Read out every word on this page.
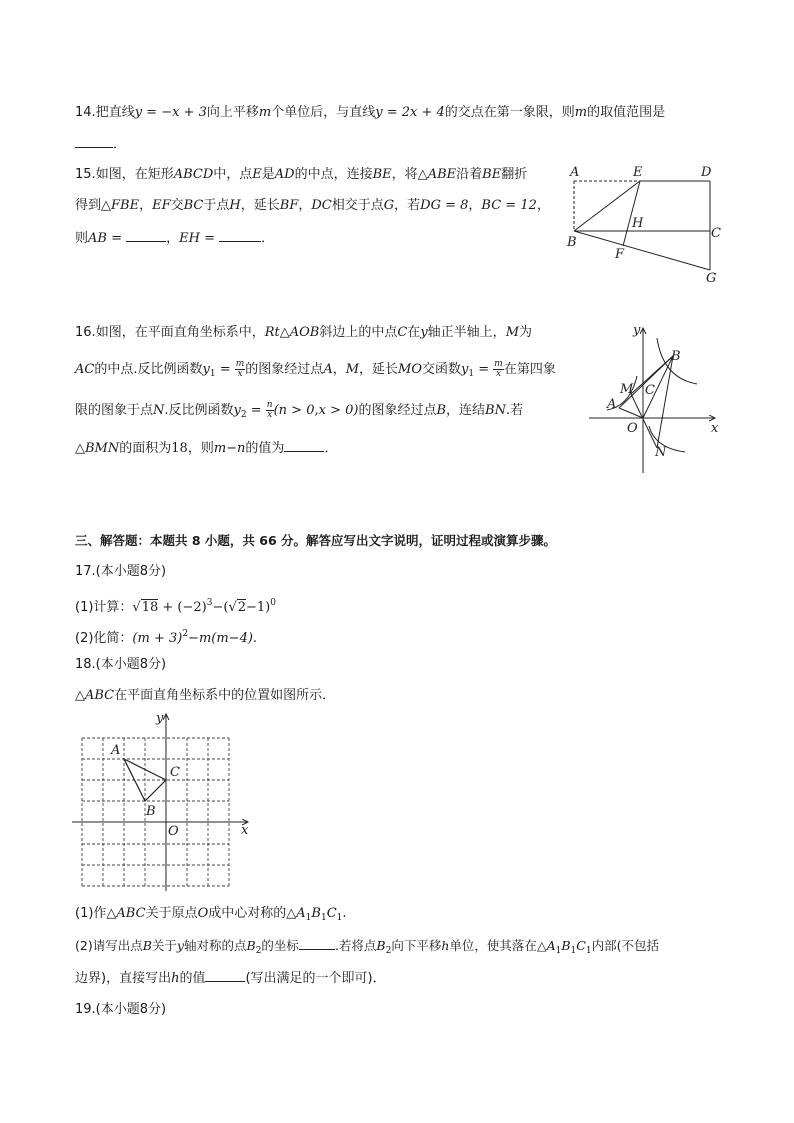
14.把直线y = −x + 3向上平移m个单位后，与直线y = 2x + 4的交点在第一象限，则m的取值范围是
．
15.如图，在矩形ABCD中，点E是AD的中点，连接BE，将△ABE沿着BE翻折
得到△FBE，EF交BC于点H，延长BF，DC相交于点G，若DG = 8，BC = 12，
则AB =	，EH =	．
A	E	D
H
B
C
F
G
16.如图，在平面直角坐标系中，Rt△AOB斜边上的中点C在y轴正半轴上，M为
AC的中点.反比例函数$y_1 = \frac{m}{x}$ 的图象经过点A，M，延长MO交函数$y_1 = \frac{m}{x}$ 在第四象
限的图象于点N.反比例函数$y_2 = \frac{n}{x} (n > 0,x > 0)$的图象经过点B，连结BN.若
△BMN的面积为18，则m−n的值为	．
y
x
B
M C
A
O
N
三、解答题：本题共 8 小题，共 66 分。解答应写出文字说明，证明过程或演算步骤。
17.(本小题8分)
(1)计算：$√18 + (-2)^3-(√2-1)^0$
(2)化简：$(m + 3)^2-m(m-4)$.
18.(本小题8分)
△ABC在平面直角坐标系中的位置如图所示．
y
x
A
C
B
O
(1)作△ABC关于原点O成中心对称的$\triangle A_1B_1C_1$.
(2)请写出点B关于y轴对称的点$B_2$的坐标	.若将点$B_2$向下平移h单位，使其落在$\triangle A_1B_1C_1$内部(不包括
边界)，直接写出h的值	(写出满足的一个即可)．
19.(本小题8分)
